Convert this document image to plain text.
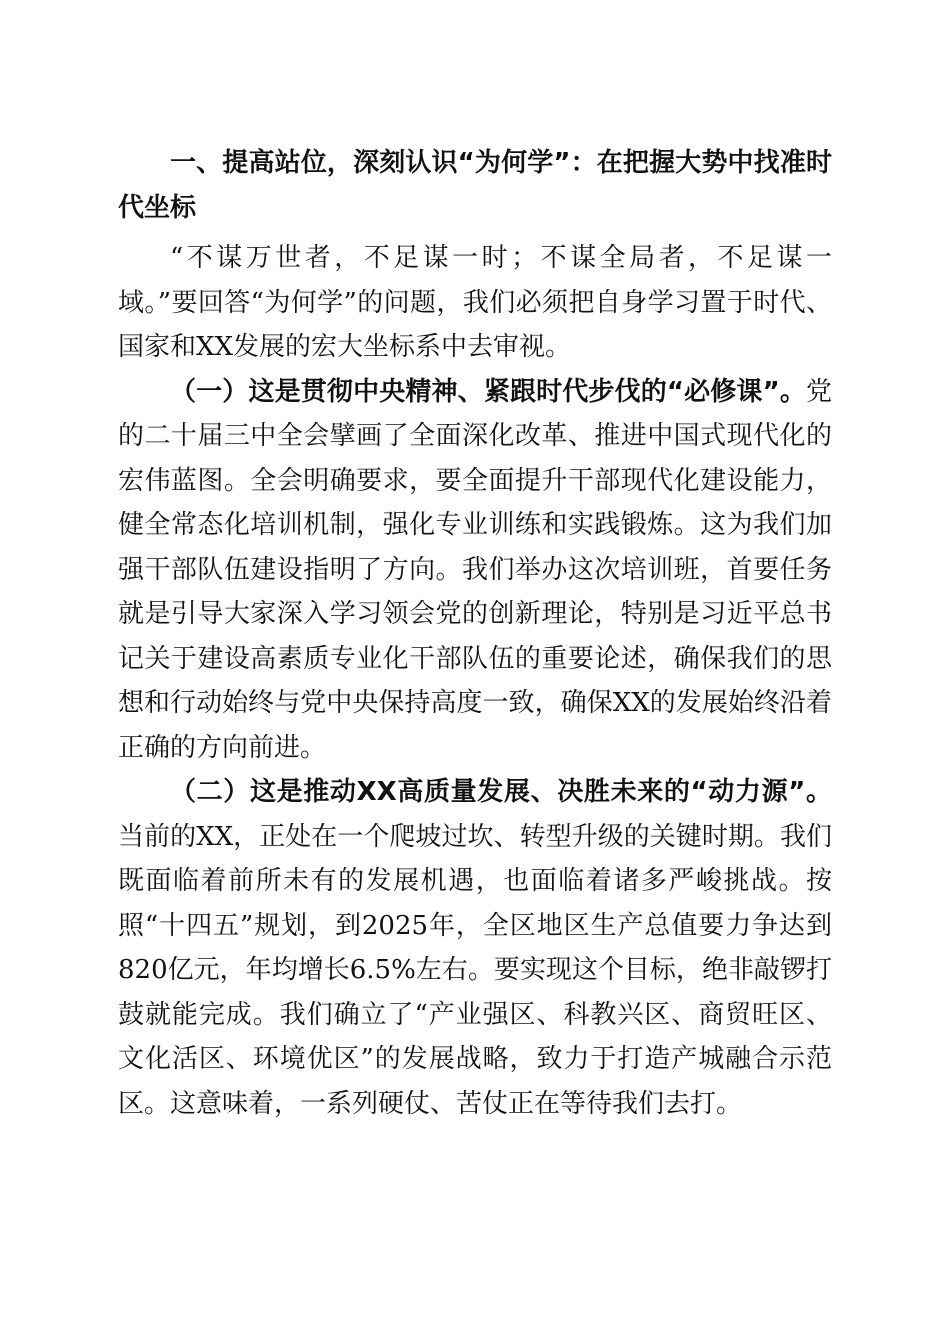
一、提高站位，深刻认识“为何学”：在把握大势中找准时代坐标

“不谋万世者，不足谋一时；不谋全局者，不足谋一域。”要回答“为何学”的问题，我们必须把自身学习置于时代、国家和XX发展的宏大坐标系中去审视。

（一）这是贯彻中央精神、紧跟时代步伐的“必修课”。党的二十届三中全会擘画了全面深化改革、推进中国式现代化的宏伟蓝图。全会明确要求，要全面提升干部现代化建设能力，健全常态化培训机制，强化专业训练和实践锻炼。这为我们加强干部队伍建设指明了方向。我们举办这次培训班，首要任务就是引导大家深入学习领会党的创新理论，特别是习近平总书记关于建设高素质专业化干部队伍的重要论述，确保我们的思想和行动始终与党中央保持高度一致，确保XX的发展始终沿着正确的方向前进。

（二）这是推动XX高质量发展、决胜未来的“动力源”。当前的XX，正处在一个爬坡过坎、转型升级的关键时期。我们既面临着前所未有的发展机遇，也面临着诸多严峻挑战。按照“十四五”规划，到2025年，全区地区生产总值要力争达到820亿元，年均增长6.5%左右。要实现这个目标，绝非敲锣打鼓就能完成。我们确立了“产业强区、科教兴区、商贸旺区、文化活区、环境优区”的发展战略，致力于打造产城融合示范区。这意味着，一系列硬仗、苦仗正在等待我们去打。
